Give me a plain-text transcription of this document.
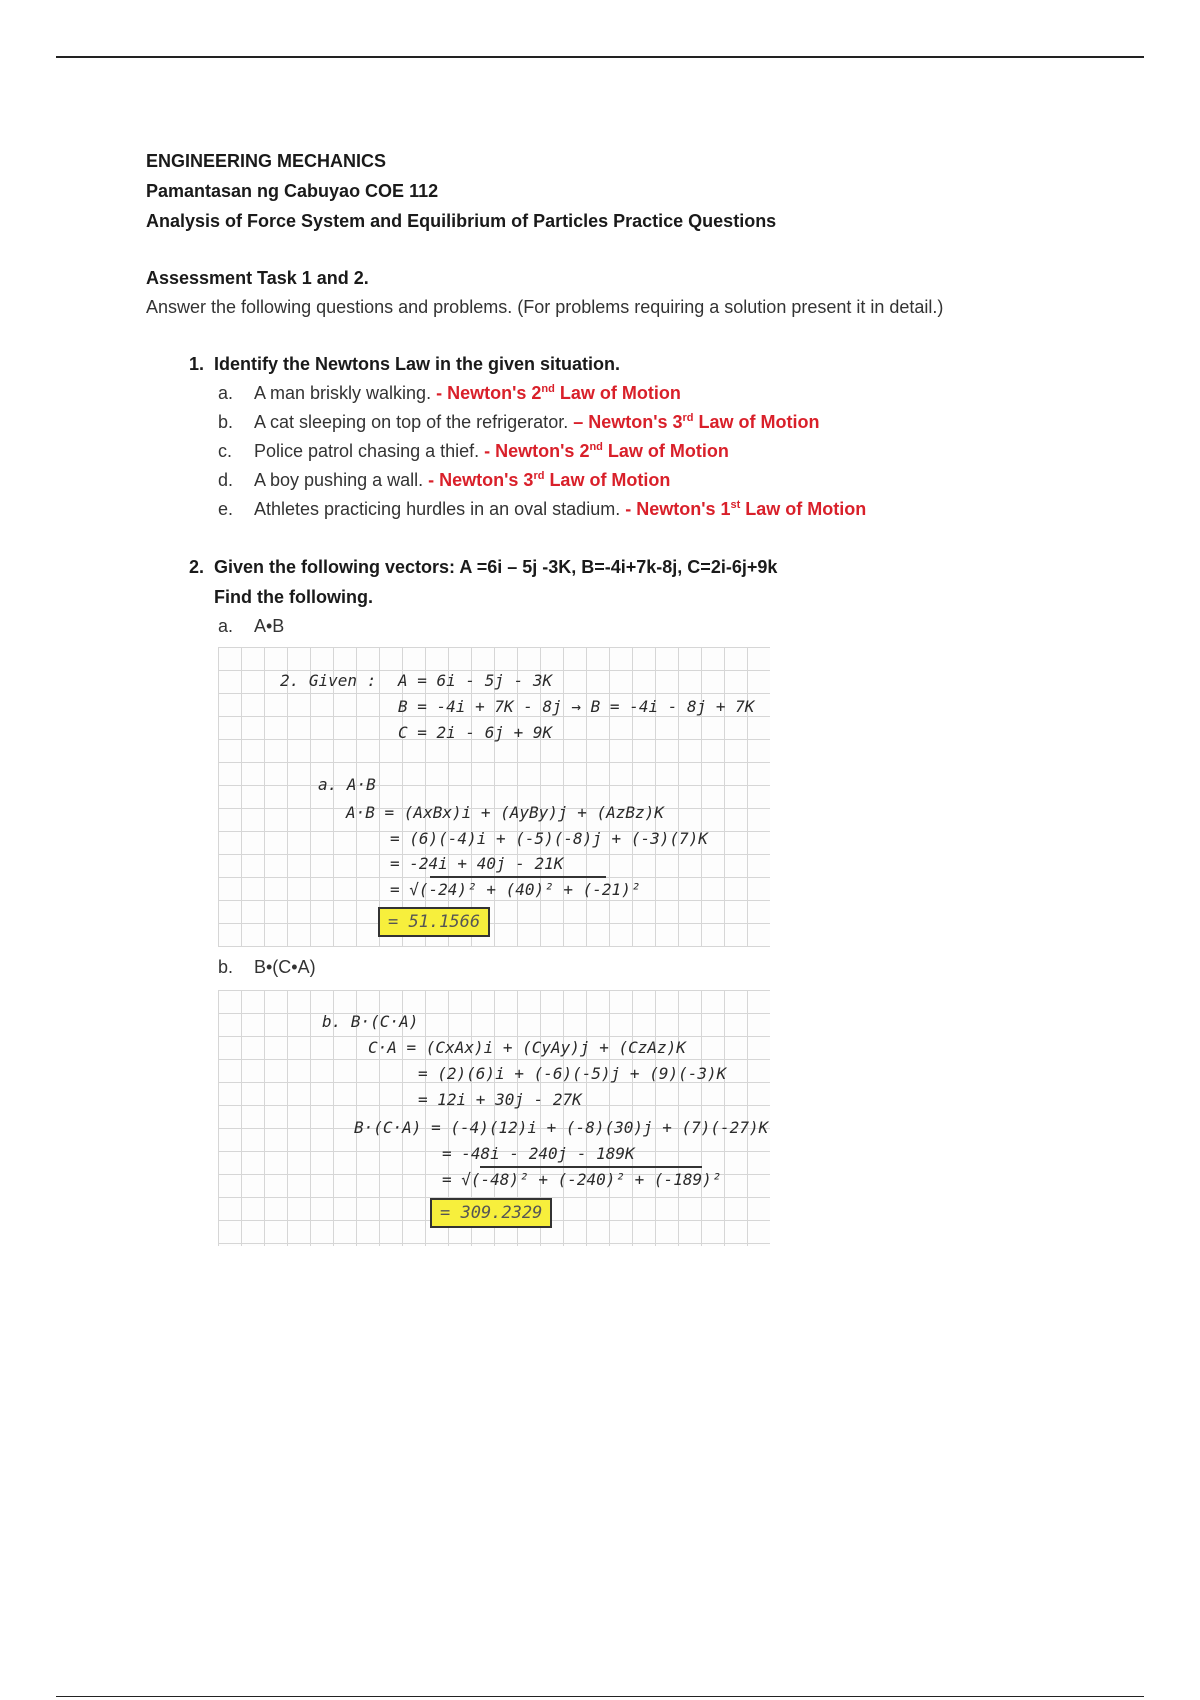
ENGINEERING MECHANICS

Pamantasan ng Cabuyao COE 112

Analysis of Force System and Equilibrium of Particles Practice Questions

Assessment Task 1 and 2.
Answer the following questions and problems. (For problems requiring a solution present it in detail.)
1. Identify the Newtons Law in the given situation.
a.	A man briskly walking. - Newton's 2nd Law of Motion
b.	A cat sleeping on top of the refrigerator. – Newton's 3rd Law of Motion
c.	Police patrol chasing a thief. - Newton's 2nd Law of Motion
d.	A boy pushing a wall. - Newton's 3rd Law of Motion
e.	Athletes practicing hurdles in an oval stadium. - Newton's 1st Law of Motion
2. Given the following vectors: A =6i – 5j -3K, B=-4i+7k-8j, C=2i-6j+9k
Find the following.
a.	A•B
2. Given : A = 6i - 5j - 3K
B = -4i + 7K - 8j → B = -4i - 8j + 7K
C = 2i - 6j + 9K
a. A·B
A·B = (AxBx)i + (AyBy)j + (AzBz)K
= (6)(-4)i + (-5)(-8)j + (-3)(7)K
= -24i + 40j - 21K
= √(-24)² + (40)² + (-21)²
= 51.1566
b.	B•(C•A)
b. B·(C·A)
C·A = (CxAx)i + (CyAy)j + (CzAz)K
= (2)(6)i + (-6)(-5)j + (9)(-3)K
= 12i + 30j - 27K
B·(C·A) = (-4)(12)i + (-8)(30)j + (7)(-27)K
= -48i - 240j - 189K
= √(-48)² + (-240)² + (-189)²
= 309.2329
